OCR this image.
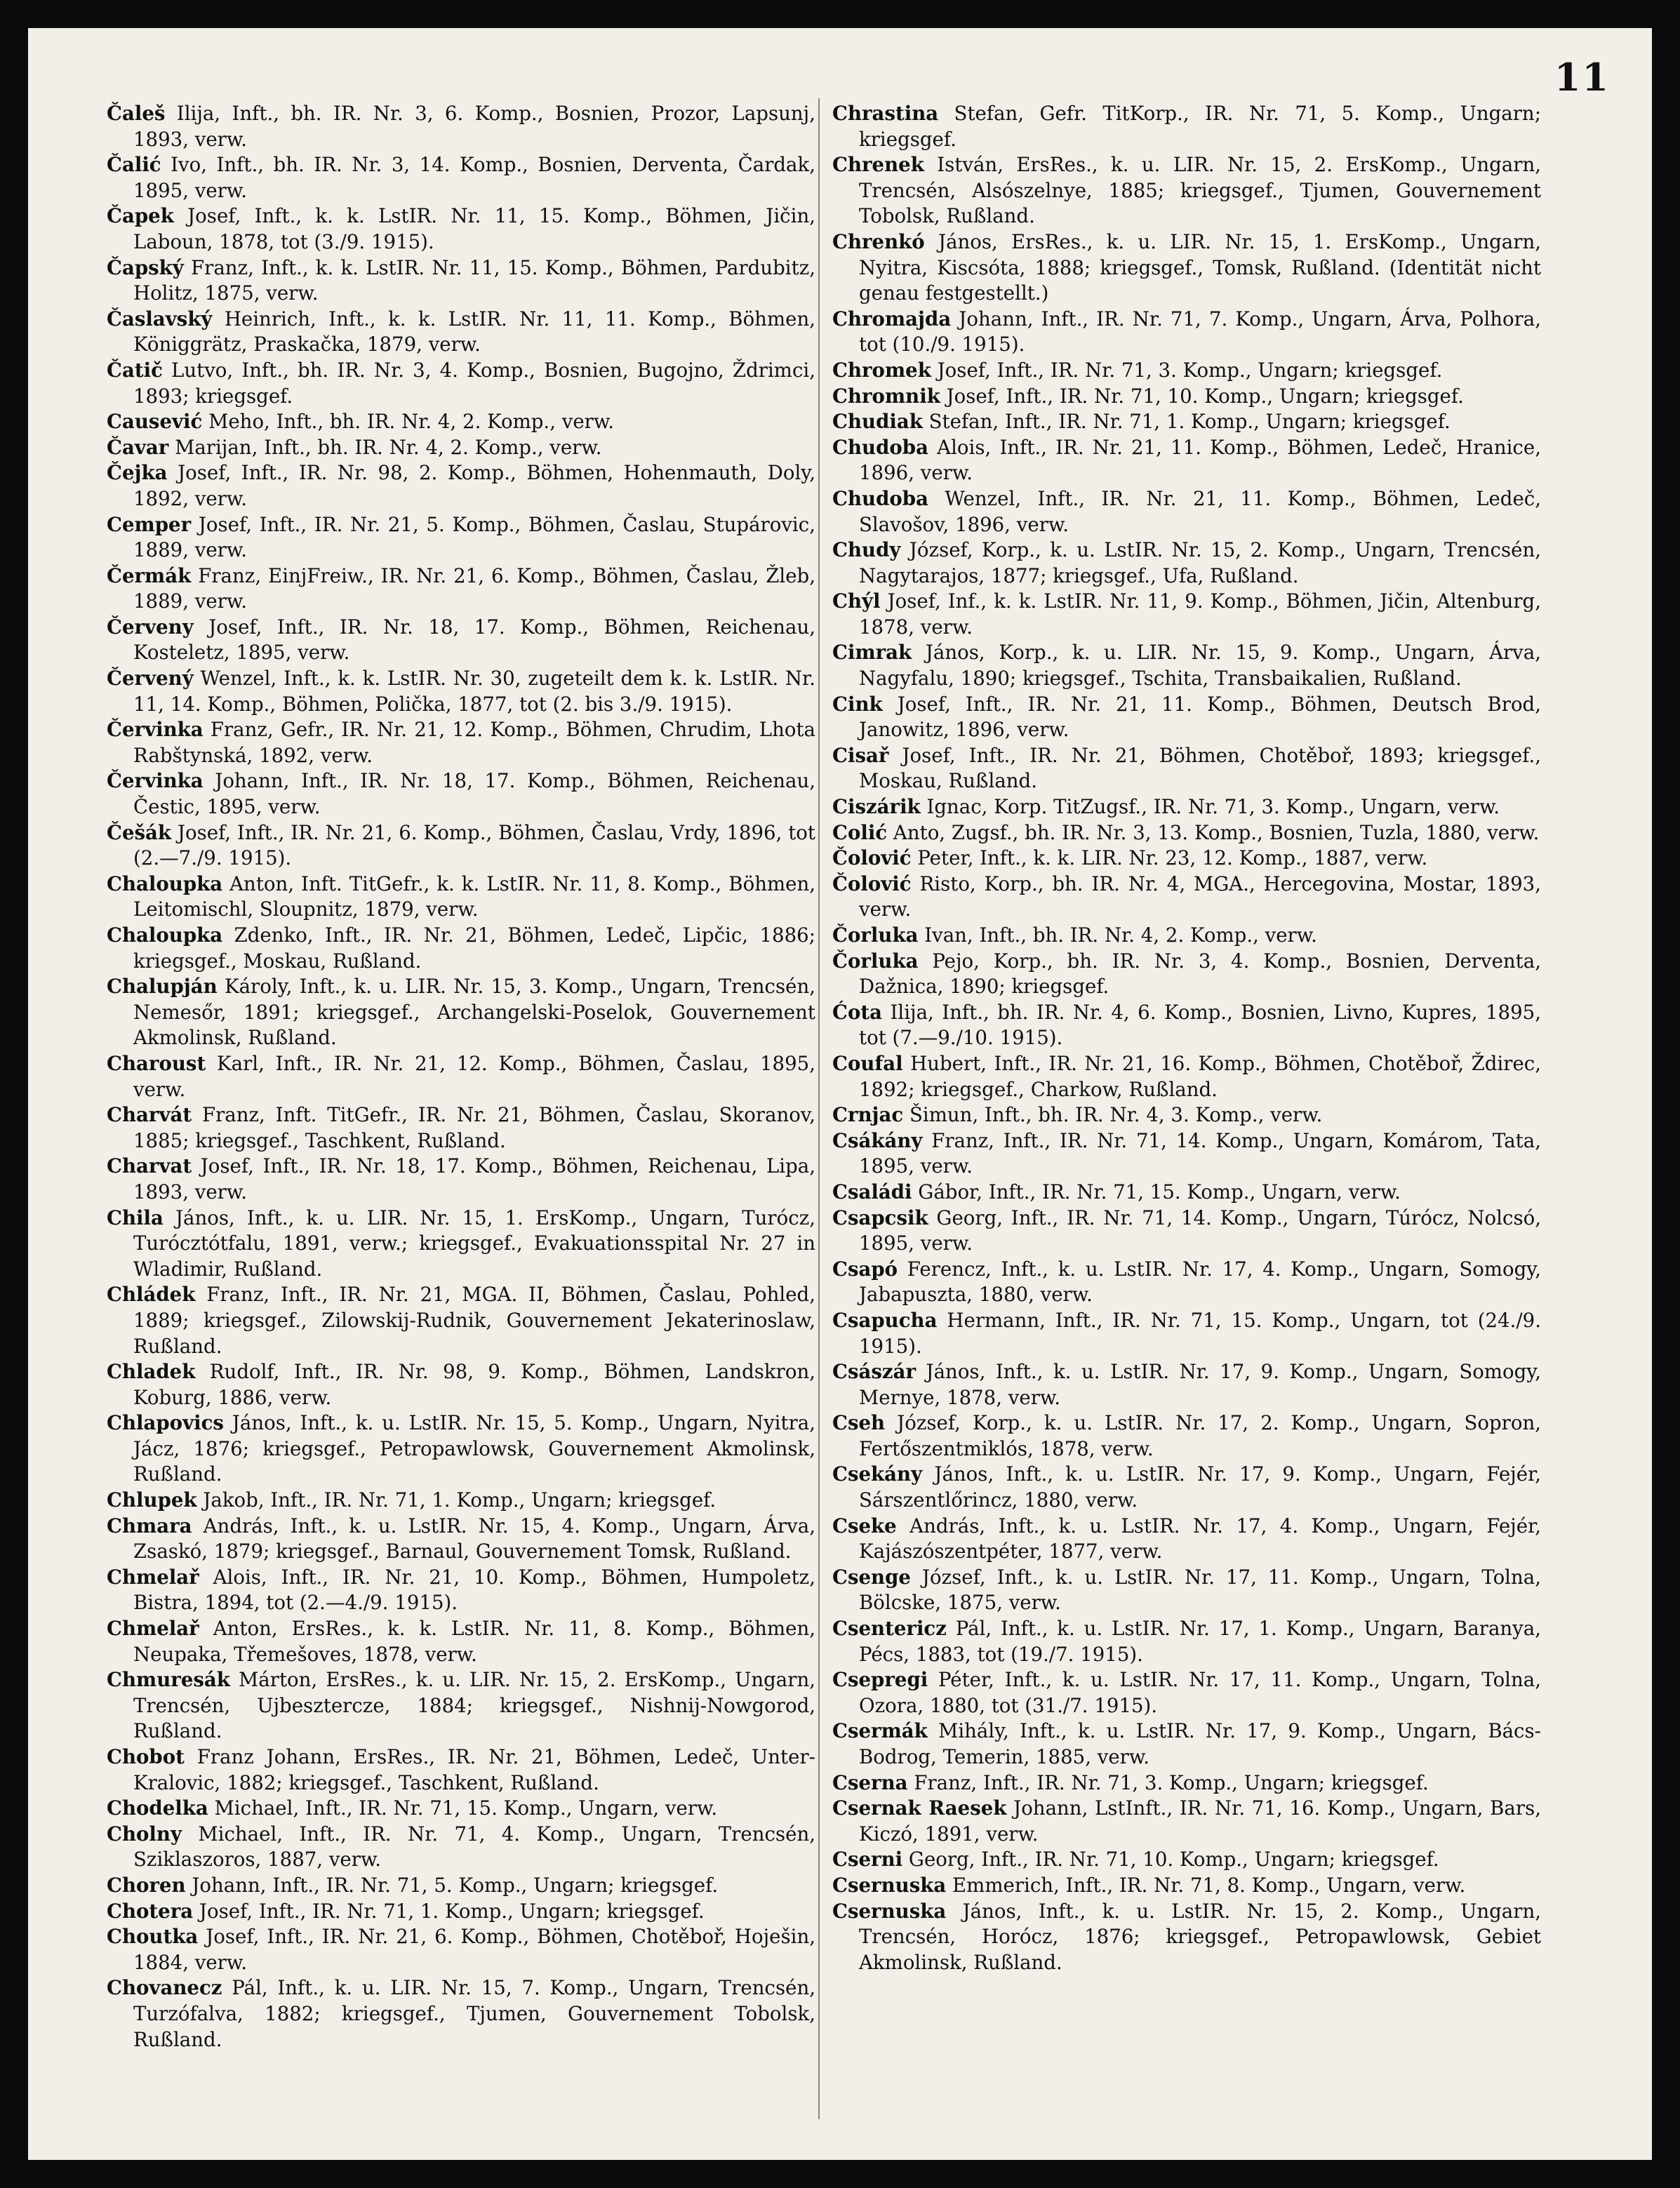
11
Čaleš Ilija, Inft., bh. IR. Nr. 3, 6. Komp., Bosnien, Prozor, Lapsunj, 1893, verw.
Čalić Ivo, Inft., bh. IR. Nr. 3, 14. Komp., Bosnien, Derventa, Čardak, 1895, verw.
Čapek Josef, Inft., k. k. LstIR. Nr. 11, 15. Komp., Böhmen, Jičin, Laboun, 1878, tot (3./9. 1915).
Čapský Franz, Inft., k. k. LstIR. Nr. 11, 15. Komp., Böhmen, Pardubitz, Holitz, 1875, verw.
Časlavský Heinrich, Inft., k. k. LstIR. Nr. 11, 11. Komp., Böhmen, Königgrätz, Praskačka, 1879, verw.
Čatič Lutvo, Inft., bh. IR. Nr. 3, 4. Komp., Bosnien, Bugojno, Ždrimci, 1893; kriegsgef.
Causević Meho, Inft., bh. IR. Nr. 4, 2. Komp., verw.
Čavar Marijan, Inft., bh. IR. Nr. 4, 2. Komp., verw.
Čejka Josef, Inft., IR. Nr. 98, 2. Komp., Böhmen, Hohenmauth, Doly, 1892, verw.
Cemper Josef, Inft., IR. Nr. 21, 5. Komp., Böhmen, Časlau, Stupárovic, 1889, verw.
Čermák Franz, EinjFreiw., IR. Nr. 21, 6. Komp., Böhmen, Časlau, Žleb, 1889, verw.
Červeny Josef, Inft., IR. Nr. 18, 17. Komp., Böhmen, Reichenau, Kosteletz, 1895, verw.
Červený Wenzel, Inft., k. k. LstIR. Nr. 30, zugeteilt dem k. k. LstIR. Nr. 11, 14. Komp., Böhmen, Polička, 1877, tot (2. bis 3./9. 1915).
Červinka Franz, Gefr., IR. Nr. 21, 12. Komp., Böhmen, Chrudim, Lhota Rabštynská, 1892, verw.
Červinka Johann, Inft., IR. Nr. 18, 17. Komp., Böhmen, Reichenau, Čestic, 1895, verw.
Češák Josef, Inft., IR. Nr. 21, 6. Komp., Böhmen, Časlau, Vrdy, 1896, tot (2.—7./9. 1915).
Chaloupka Anton, Inft. TitGefr., k. k. LstIR. Nr. 11, 8. Komp., Böhmen, Leitomischl, Sloupnitz, 1879, verw.
Chaloupka Zdenko, Inft., IR. Nr. 21, Böhmen, Ledeč, Lipčic, 1886; kriegsgef., Moskau, Rußland.
Chalupján Károly, Inft., k. u. LIR. Nr. 15, 3. Komp., Ungarn, Trencsén, Nemesőr, 1891; kriegsgef., Archangelski-Poselok, Gouvernement Akmolinsk, Rußland.
Charoust Karl, Inft., IR. Nr. 21, 12. Komp., Böhmen, Časlau, 1895, verw.
Charvát Franz, Inft. TitGefr., IR. Nr. 21, Böhmen, Časlau, Skoranov, 1885; kriegsgef., Taschkent, Rußland.
Charvat Josef, Inft., IR. Nr. 18, 17. Komp., Böhmen, Reichenau, Lipa, 1893, verw.
Chila János, Inft., k. u. LIR. Nr. 15, 1. ErsKomp., Ungarn, Turócz, Turócztótfalu, 1891, verw.; kriegsgef., Evakuationsspital Nr. 27 in Wladimir, Rußland.
Chládek Franz, Inft., IR. Nr. 21, MGA. II, Böhmen, Časlau, Pohled, 1889; kriegsgef., Zilowskij-Rudnik, Gouvernement Jekaterinoslaw, Rußland.
Chladek Rudolf, Inft., IR. Nr. 98, 9. Komp., Böhmen, Landskron, Koburg, 1886, verw.
Chlapovics János, Inft., k. u. LstIR. Nr. 15, 5. Komp., Ungarn, Nyitra, Jácz, 1876; kriegsgef., Petropawlowsk, Gouvernement Akmolinsk, Rußland.
Chlupek Jakob, Inft., IR. Nr. 71, 1. Komp., Ungarn; kriegsgef.
Chmara András, Inft., k. u. LstIR. Nr. 15, 4. Komp., Ungarn, Árva, Zsaskó, 1879; kriegsgef., Barnaul, Gouvernement Tomsk, Rußland.
Chmelař Alois, Inft., IR. Nr. 21, 10. Komp., Böhmen, Humpoletz, Bistra, 1894, tot (2.—4./9. 1915).
Chmelař Anton, ErsRes., k. k. LstIR. Nr. 11, 8. Komp., Böhmen, Neupaka, Třemešoves, 1878, verw.
Chmuresák Márton, ErsRes., k. u. LIR. Nr. 15, 2. ErsKomp., Ungarn, Trencsén, Ujbesztercze, 1884; kriegsgef., Nishnij-Nowgorod, Rußland.
Chobot Franz Johann, ErsRes., IR. Nr. 21, Böhmen, Ledeč, Unter-Kralovic, 1882; kriegsgef., Taschkent, Rußland.
Chodelka Michael, Inft., IR. Nr. 71, 15. Komp., Ungarn, verw.
Cholny Michael, Inft., IR. Nr. 71, 4. Komp., Ungarn, Trencsén, Sziklaszoros, 1887, verw.
Choren Johann, Inft., IR. Nr. 71, 5. Komp., Ungarn; kriegsgef.
Chotera Josef, Inft., IR. Nr. 71, 1. Komp., Ungarn; kriegsgef.
Choutka Josef, Inft., IR. Nr. 21, 6. Komp., Böhmen, Chotěboř, Hoješin, 1884, verw.
Chovanecz Pál, Inft., k. u. LIR. Nr. 15, 7. Komp., Ungarn, Trencsén, Turzófalva, 1882; kriegsgef., Tjumen, Gouvernement Tobolsk, Rußland.
Chrastina Stefan, Gefr. TitKorp., IR. Nr. 71, 5. Komp., Ungarn; kriegsgef.
Chrenek István, ErsRes., k. u. LIR. Nr. 15, 2. ErsKomp., Ungarn, Trencsén, Alsószelnye, 1885; kriegsgef., Tjumen, Gouvernement Tobolsk, Rußland.
Chrenkó János, ErsRes., k. u. LIR. Nr. 15, 1. ErsKomp., Ungarn, Nyitra, Kiscsóta, 1888; kriegsgef., Tomsk, Rußland. (Identität nicht genau festgestellt.)
Chromajda Johann, Inft., IR. Nr. 71, 7. Komp., Ungarn, Árva, Polhora, tot (10./9. 1915).
Chromek Josef, Inft., IR. Nr. 71, 3. Komp., Ungarn; kriegsgef.
Chromnik Josef, Inft., IR. Nr. 71, 10. Komp., Ungarn; kriegsgef.
Chudiak Stefan, Inft., IR. Nr. 71, 1. Komp., Ungarn; kriegsgef.
Chudoba Alois, Inft., IR. Nr. 21, 11. Komp., Böhmen, Ledeč, Hranice, 1896, verw.
Chudoba Wenzel, Inft., IR. Nr. 21, 11. Komp., Böhmen, Ledeč, Slavošov, 1896, verw.
Chudy József, Korp., k. u. LstIR. Nr. 15, 2. Komp., Ungarn, Trencsén, Nagytarajos, 1877; kriegsgef., Ufa, Rußland.
Chýl Josef, Inf., k. k. LstIR. Nr. 11, 9. Komp., Böhmen, Jičin, Altenburg, 1878, verw.
Cimrak János, Korp., k. u. LIR. Nr. 15, 9. Komp., Ungarn, Árva, Nagyfalu, 1890; kriegsgef., Tschita, Transbaikalien, Rußland.
Cink Josef, Inft., IR. Nr. 21, 11. Komp., Böhmen, Deutsch Brod, Janowitz, 1896, verw.
Cisař Josef, Inft., IR. Nr. 21, Böhmen, Chotěboř, 1893; kriegsgef., Moskau, Rußland.
Ciszárik Ignac, Korp. TitZugsf., IR. Nr. 71, 3. Komp., Ungarn, verw.
Colić Anto, Zugsf., bh. IR. Nr. 3, 13. Komp., Bosnien, Tuzla, 1880, verw.
Čolović Peter, Inft., k. k. LIR. Nr. 23, 12. Komp., 1887, verw.
Čolović Risto, Korp., bh. IR. Nr. 4, MGA., Hercegovina, Mostar, 1893, verw.
Čorluka Ivan, Inft., bh. IR. Nr. 4, 2. Komp., verw.
Čorluka Pejo, Korp., bh. IR. Nr. 3, 4. Komp., Bosnien, Derventa, Dažnica, 1890; kriegsgef.
Ćota Ilija, Inft., bh. IR. Nr. 4, 6. Komp., Bosnien, Livno, Kupres, 1895, tot (7.—9./10. 1915).
Coufal Hubert, Inft., IR. Nr. 21, 16. Komp., Böhmen, Chotěboř, Ždirec, 1892; kriegsgef., Charkow, Rußland.
Crnjac Šimun, Inft., bh. IR. Nr. 4, 3. Komp., verw.
Csákány Franz, Inft., IR. Nr. 71, 14. Komp., Ungarn, Komárom, Tata, 1895, verw.
Családi Gábor, Inft., IR. Nr. 71, 15. Komp., Ungarn, verw.
Csapcsik Georg, Inft., IR. Nr. 71, 14. Komp., Ungarn, Túrócz, Nolcsó, 1895, verw.
Csapó Ferencz, Inft., k. u. LstIR. Nr. 17, 4. Komp., Ungarn, Somogy, Jabapuszta, 1880, verw.
Csapucha Hermann, Inft., IR. Nr. 71, 15. Komp., Ungarn, tot (24./9. 1915).
Császár János, Inft., k. u. LstIR. Nr. 17, 9. Komp., Ungarn, Somogy, Mernye, 1878, verw.
Cseh József, Korp., k. u. LstIR. Nr. 17, 2. Komp., Ungarn, Sopron, Fertőszentmiklós, 1878, verw.
Csekány János, Inft., k. u. LstIR. Nr. 17, 9. Komp., Ungarn, Fejér, Sárszentlőrincz, 1880, verw.
Cseke András, Inft., k. u. LstIR. Nr. 17, 4. Komp., Ungarn, Fejér, Kajászószentpéter, 1877, verw.
Csenge József, Inft., k. u. LstIR. Nr. 17, 11. Komp., Ungarn, Tolna, Bölcske, 1875, verw.
Csentericz Pál, Inft., k. u. LstIR. Nr. 17, 1. Komp., Ungarn, Baranya, Pécs, 1883, tot (19./7. 1915).
Csepregi Péter, Inft., k. u. LstIR. Nr. 17, 11. Komp., Ungarn, Tolna, Ozora, 1880, tot (31./7. 1915).
Csermák Mihály, Inft., k. u. LstIR. Nr. 17, 9. Komp., Ungarn, Bács-Bodrog, Temerin, 1885, verw.
Cserna Franz, Inft., IR. Nr. 71, 3. Komp., Ungarn; kriegsgef.
Csernak Raesek Johann, LstInft., IR. Nr. 71, 16. Komp., Ungarn, Bars, Kiczó, 1891, verw.
Cserni Georg, Inft., IR. Nr. 71, 10. Komp., Ungarn; kriegsgef.
Csernuska Emmerich, Inft., IR. Nr. 71, 8. Komp., Ungarn, verw.
Csernuska János, Inft., k. u. LstIR. Nr. 15, 2. Komp., Ungarn, Trencsén, Horócz, 1876; kriegsgef., Petropawlowsk, Gebiet Akmolinsk, Rußland.
